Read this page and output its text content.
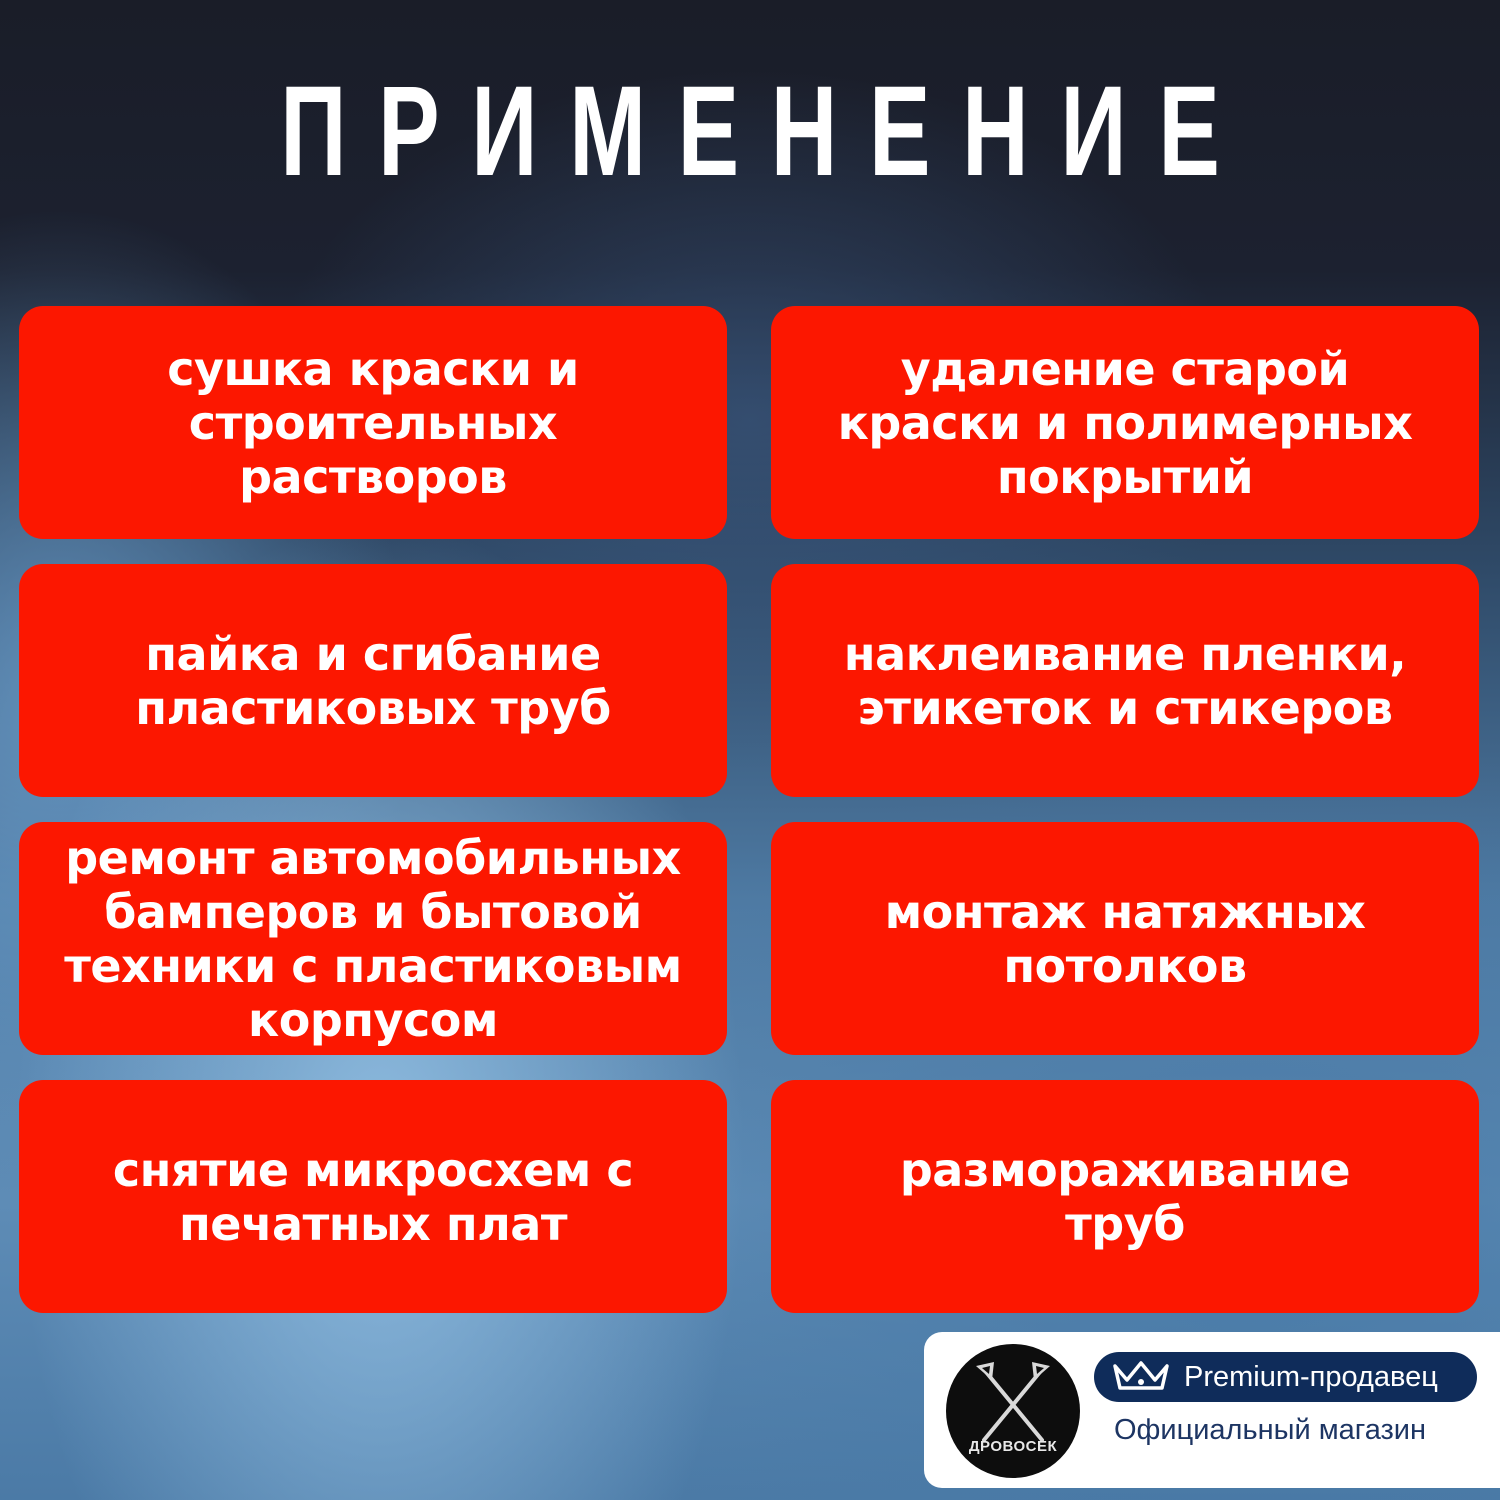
ПРИМЕНЕНИЕ
сушка краски и строительных растворов
удаление старой краски и полимерных покрытий
пайка и сгибание пластиковых труб
наклеивание пленки, этикеток и стикеров
ремонт автомобильных бамперов и бытовой техники с пластиковым корпусом
монтаж натяжных потолков
снятие микросхем с печатных плат
размораживание труб
ДРОВОСЕК
Premium-продавец
Официальный магазин
